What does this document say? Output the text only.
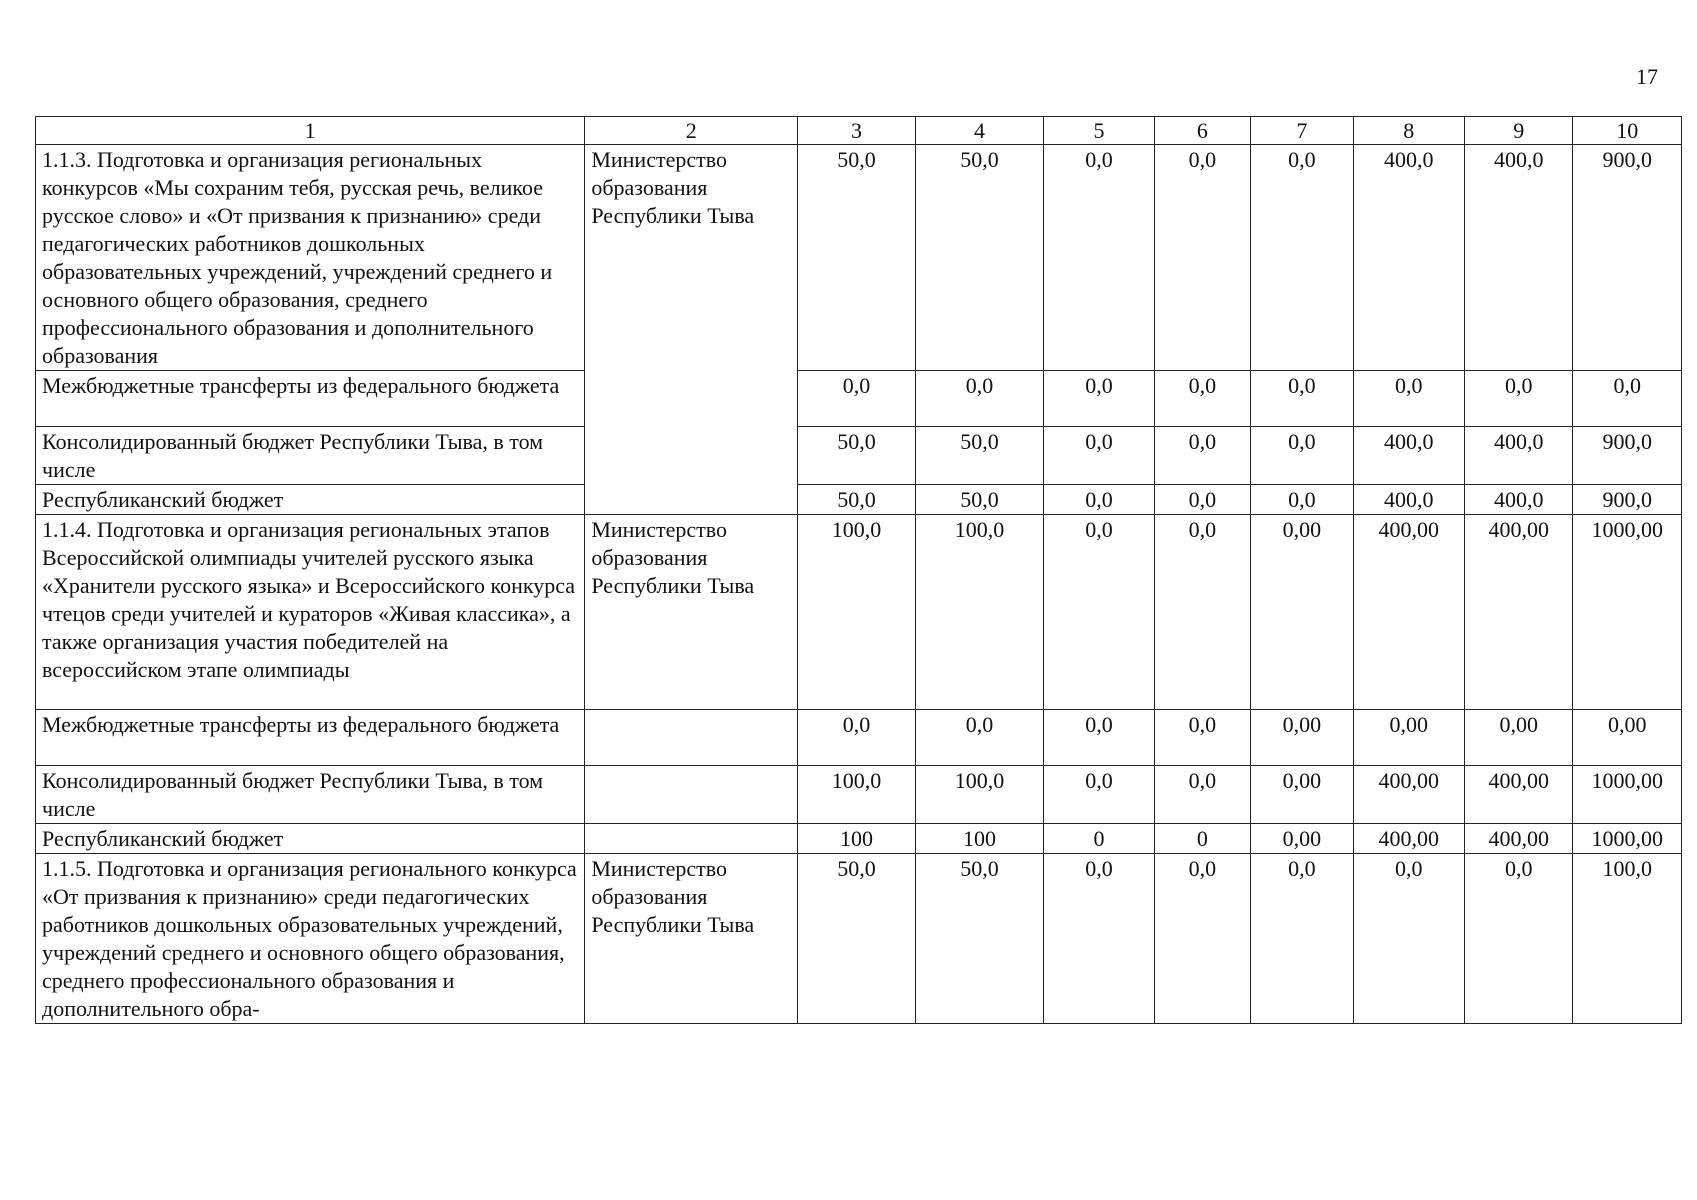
17
1	2	3	4	5	6	7	8	9	10
1.1.3. Подготовка и организация региональных конкурсов «Мы сохраним тебя, русская речь, великое русское слово» и «От призвания к признанию» среди педагогических работников дошкольных образовательных учреждений, учреждений среднего и основного общего образования, среднего профессионального образования и дополнительного образования	Министерство образования Республики Тыва	50,0	50,0	0,0	0,0	0,0	400,0	400,0	900,0
Межбюджетные трансферты из федерального бюджета		0,0	0,0	0,0	0,0	0,0	0,0	0,0	0,0
Консолидированный бюджет Республики Тыва, в том числе		50,0	50,0	0,0	0,0	0,0	400,0	400,0	900,0
Республиканский бюджет		50,0	50,0	0,0	0,0	0,0	400,0	400,0	900,0
1.1.4. Подготовка и организация региональных этапов Всероссийской олимпиады учителей русского языка «Хранители русского языка» и Всероссийского конкурса чтецов среди учителей и кураторов «Живая классика», а также организация участия победителей на всероссийском этапе олимпиады	Министерство образования Республики Тыва	100,0	100,0	0,0	0,0	0,00	400,00	400,00	1000,00
Межбюджетные трансферты из федерального бюджета		0,0	0,0	0,0	0,0	0,00	0,00	0,00	0,00
Консолидированный бюджет Республики Тыва, в том числе		100,0	100,0	0,0	0,0	0,00	400,00	400,00	1000,00
Республиканский бюджет		100	100	0	0	0,00	400,00	400,00	1000,00
1.1.5. Подготовка и организация регионального конкурса «От призвания к признанию» среди педагогических работников дошкольных образовательных учреждений, учреждений среднего и основного общего образования, среднего профессионального образования и дополнительного обра-	Министерство образования Республики Тыва	50,0	50,0	0,0	0,0	0,0	0,0	0,0	100,0
